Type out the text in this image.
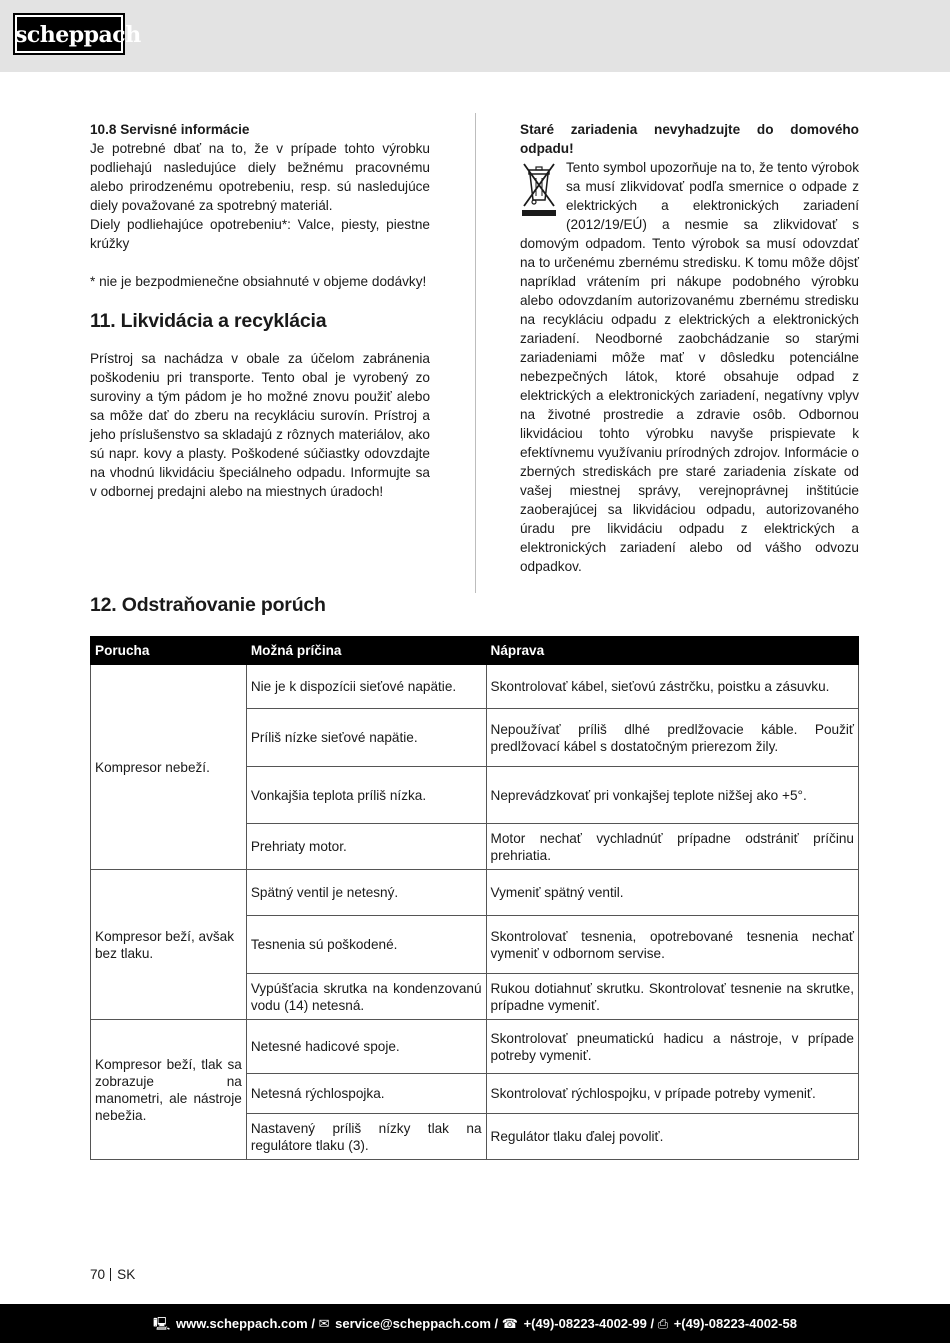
scheppach
10.8 Servisné informácie
Je potrebné dbať na to, že v prípade tohto výrobku podliehajú nasledujúce diely bežnému pracovnému alebo prirodzenému opotrebeniu, resp. sú nasledujúce diely považované za spotrebný materiál.
Diely podliehajúce opotrebeniu*: Valce, piesty, piestne krúžky
* nie je bezpodmienečne obsiahnuté v objeme dodávky!
11. Likvidácia a recyklácia
Prístroj sa nachádza v obale za účelom zabránenia poškodeniu pri transporte. Tento obal je vyrobený zo suroviny a tým pádom je ho možné znovu použiť alebo sa môže dať do zberu na recykláciu surovín. Prístroj a jeho príslušenstvo sa skladajú z rôznych materiálov, ako sú napr. kovy a plasty. Poškodené súčiastky odovzdajte na vhodnú likvidáciu špeciálneho odpadu. Informujte sa v odbornej predajni alebo na miestnych úradoch!
Staré zariadenia nevyhadzujte do domového odpadu!
Tento symbol upozorňuje na to, že tento výrobok sa musí zlikvidovať podľa smernice o odpade z elektrických a elektronických zariadení (2012/19/EÚ) a nesmie sa zlikvidovať s domovým odpadom. Tento výrobok sa musí odovzdať na to určenému zbernému stredisku. K tomu môže dôjsť napríklad vrátením pri nákupe podobného výrobku alebo odovzdaním autorizovanému zbernému stredisku na recykláciu odpadu z elektrických a elektronických zariadení. Neodborné zaobchádzanie so starými zariadeniami môže mať v dôsledku potenciálne nebezpečných látok, ktoré obsahuje odpad z elektrických a elektronických zariadení, negatívny vplyv na životné prostredie a zdravie osôb. Odbornou likvidáciou tohto výrobku navyše prispievate k efektívnemu využívaniu prírodných zdrojov. Informácie o zberných strediskách pre staré zariadenia získate od vašej miestnej správy, verejnoprávnej inštitúcie zaoberajúcej sa likvidáciou odpadu, autorizovaného úradu pre likvidáciu odpadu z elektrických a elektronických zariadení alebo od vášho odvozu odpadkov.
12. Odstraňovanie porúch
Porucha	Možná príčina	Náprava
Kompresor nebeží.	Nie je k dispozícii sieťové napätie.	Skontrolovať kábel, sieťovú zástrčku, poistku a zásuvku.
	Príliš nízke sieťové napätie.	Nepoužívať príliš dlhé predlžovacie káble. Použiť predlžovací kábel s dostatočným prierezom žily.
	Vonkajšia teplota príliš nízka.	Neprevádzkovať pri vonkajšej teplote nižšej ako +5°.
	Prehriaty motor.	Motor nechať vychladnúť prípadne odstrániť príčinu prehriatia.
Kompresor beží, avšak bez tlaku.	Spätný ventil je netesný.	Vymeniť spätný ventil.
	Tesnenia sú poškodené.	Skontrolovať tesnenia, opotrebované tesnenia nechať vymeniť v odbornom servise.
	Vypúšťacia skrutka na kondenzovanú vodu (14) netesná.	Rukou dotiahnuť skrutku. Skontrolovať tesnenie na skrutke, prípadne vymeniť.
Kompresor beží, tlak sa zobrazuje na manometri, ale nástroje nebežia.	Netesné hadicové spoje.	Skontrolovať pneumatickú hadicu a nástroje, v prípade potreby vymeniť.
	Netesná rýchlospojka.	Skontrolovať rýchlospojku, v prípade potreby vymeniť.
	Nastavený príliš nízky tlak na regulátore tlaku (3).	Regulátor tlaku ďalej povoliť.
70 SK
🖳 www.scheppach.com / ✉ service@scheppach.com / ☎ +(49)-08223-4002-99 / ⎙ +(49)-08223-4002-58
